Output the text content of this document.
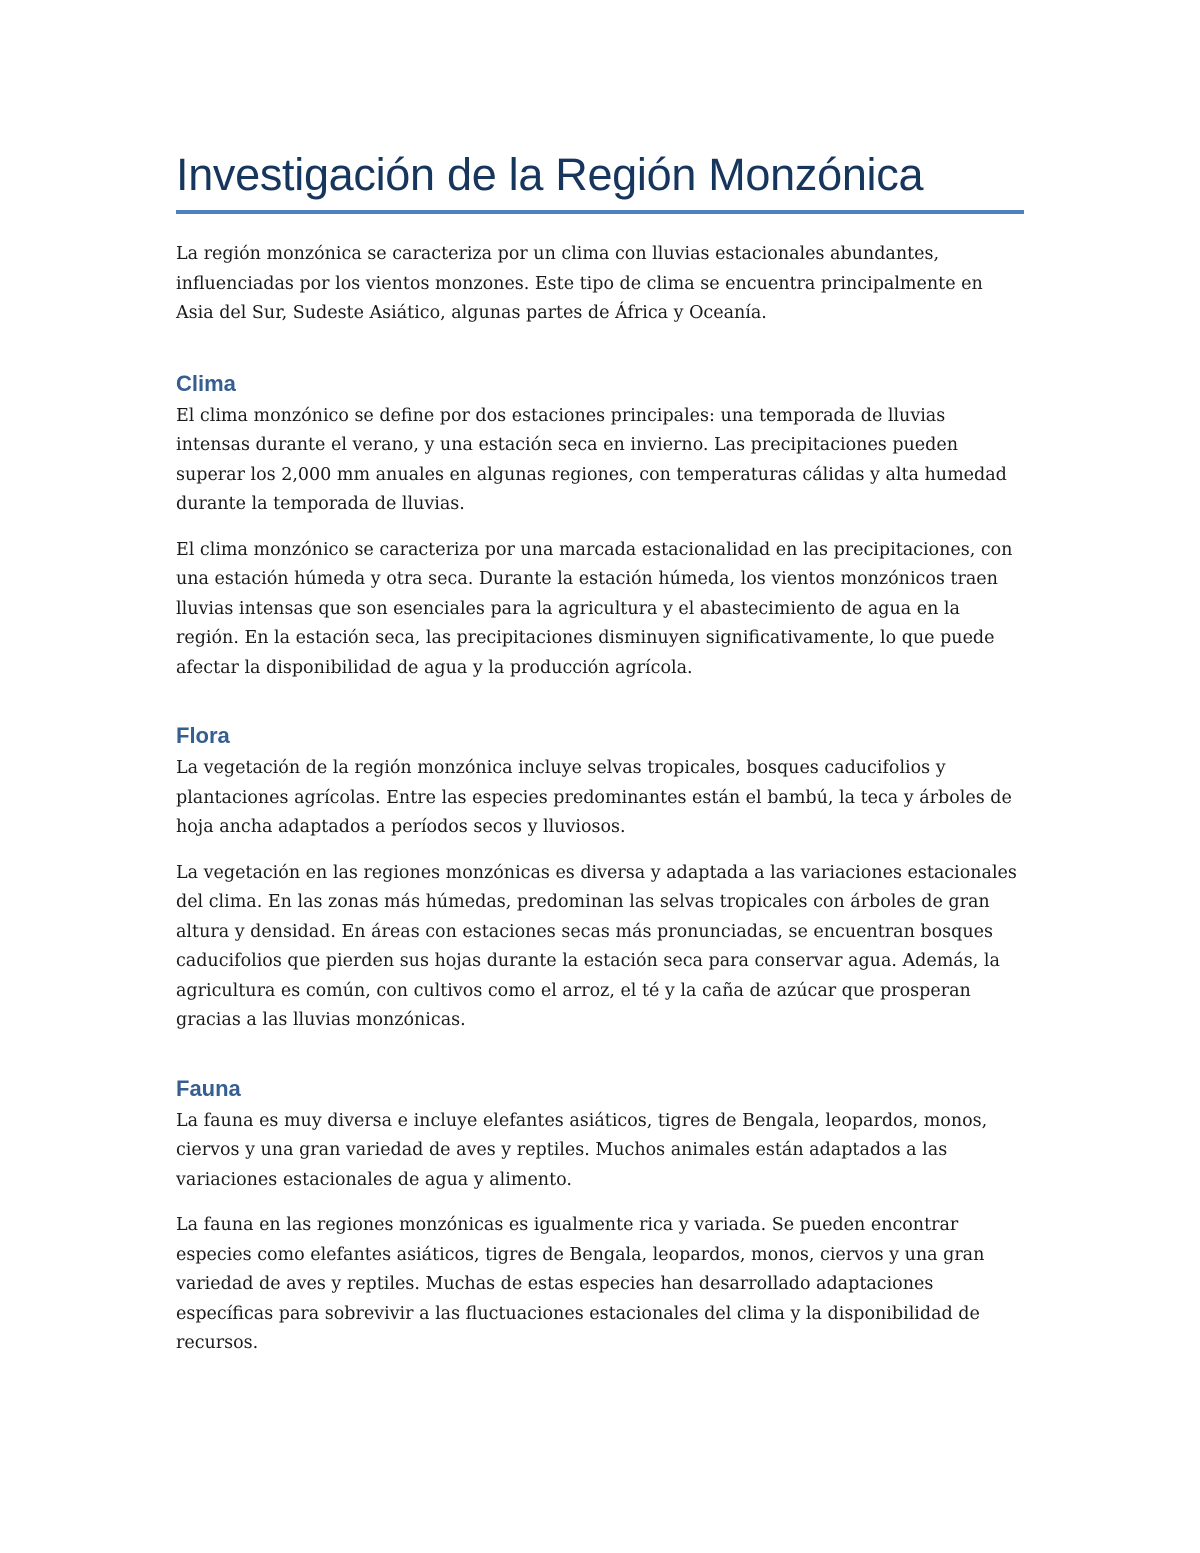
Investigación de la Región Monzónica

La región monzónica se caracteriza por un clima con lluvias estacionales abundantes, influenciadas por los vientos monzones. Este tipo de clima se encuentra principalmente en Asia del Sur, Sudeste Asiático, algunas partes de África y Oceanía.

Clima

El clima monzónico se define por dos estaciones principales: una temporada de lluvias intensas durante el verano, y una estación seca en invierno. Las precipitaciones pueden superar los 2,000 mm anuales en algunas regiones, con temperaturas cálidas y alta humedad durante la temporada de lluvias.

El clima monzónico se caracteriza por una marcada estacionalidad en las precipitaciones, con una estación húmeda y otra seca. Durante la estación húmeda, los vientos monzónicos traen lluvias intensas que son esenciales para la agricultura y el abastecimiento de agua en la región. En la estación seca, las precipitaciones disminuyen significativamente, lo que puede afectar la disponibilidad de agua y la producción agrícola.

Flora

La vegetación de la región monzónica incluye selvas tropicales, bosques caducifolios y plantaciones agrícolas. Entre las especies predominantes están el bambú, la teca y árboles de hoja ancha adaptados a períodos secos y lluviosos.

La vegetación en las regiones monzónicas es diversa y adaptada a las variaciones estacionales del clima. En las zonas más húmedas, predominan las selvas tropicales con árboles de gran altura y densidad. En áreas con estaciones secas más pronunciadas, se encuentran bosques caducifolios que pierden sus hojas durante la estación seca para conservar agua. Además, la agricultura es común, con cultivos como el arroz, el té y la caña de azúcar que prosperan gracias a las lluvias monzónicas.

Fauna

La fauna es muy diversa e incluye elefantes asiáticos, tigres de Bengala, leopardos, monos, ciervos y una gran variedad de aves y reptiles. Muchos animales están adaptados a las variaciones estacionales de agua y alimento.

La fauna en las regiones monzónicas es igualmente rica y variada. Se pueden encontrar especies como elefantes asiáticos, tigres de Bengala, leopardos, monos, ciervos y una gran variedad de aves y reptiles. Muchas de estas especies han desarrollado adaptaciones específicas para sobrevivir a las fluctuaciones estacionales del clima y la disponibilidad de recursos.
